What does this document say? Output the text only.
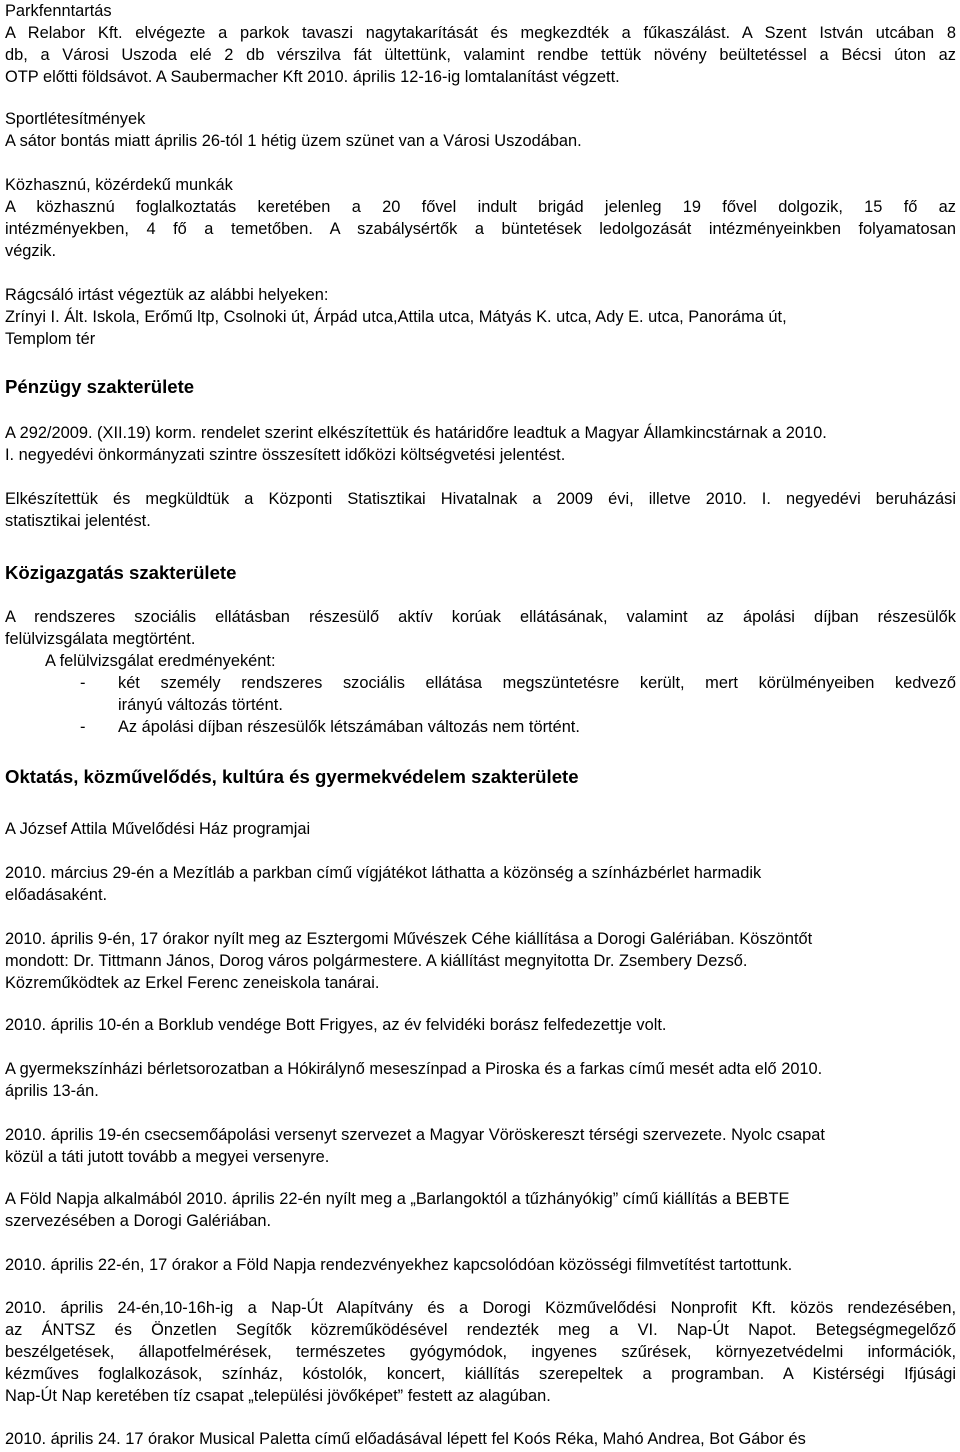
Parkfenntartás
A Relabor Kft. elvégezte a parkok tavaszi nagytakarítását és megkezdték a fűkaszálást. A Szent István utcában 8
db, a Városi Uszoda elé 2 db vérszilva fát ültettünk, valamint rendbe tettük növény beültetéssel a Bécsi úton az
OTP előtti földsávot. A Saubermacher Kft 2010. április 12-16-ig lomtalanítást végzett.
Sportlétesítmények
A sátor bontás miatt április 26-tól 1 hétig üzem szünet van a Városi Uszodában.
Közhasznú, közérdekű munkák
A közhasznú foglalkoztatás keretében a 20 fővel indult brigád jelenleg 19 fővel dolgozik, 15 fő az
intézményekben, 4 fő a temetőben. A szabálysértők a büntetések ledolgozását intézményeinkben folyamatosan
végzik.
Rágcsáló irtást végeztük az alábbi helyeken:
Zrínyi I. Ált. Iskola, Erőmű ltp, Csolnoki út, Árpád utca,Attila utca, Mátyás K. utca, Ady E. utca, Panoráma út,
Templom tér
Pénzügy szakterülete
A 292/2009. (XII.19) korm. rendelet szerint elkészítettük és határidőre leadtuk a Magyar Államkincstárnak a 2010.
I. negyedévi önkormányzati szintre összesített időközi költségvetési jelentést.
Elkészítettük és megküldtük a Központi Statisztikai Hivatalnak a 2009 évi, illetve 2010. I. negyedévi beruházási
statisztikai jelentést.
Közigazgatás szakterülete
A rendszeres szociális ellátásban részesülő aktív korúak ellátásának, valamint az ápolási díjban részesülők
felülvizsgálata megtörtént.
A felülvizsgálat eredményeként:
- két személy rendszeres szociális ellátása megszüntetésre került, mert körülményeiben kedvező
irányú változás történt.
- Az ápolási díjban részesülők létszámában változás nem történt.
Oktatás, közművelődés, kultúra és gyermekvédelem szakterülete
A József Attila Művelődési Ház programjai
2010. március 29-én a Mezítláb a parkban című vígjátékot láthatta a közönség a színházbérlet harmadik
előadásaként.
2010. április 9-én, 17 órakor nyílt meg az Esztergomi Művészek Céhe kiállítása a Dorogi Galériában. Köszöntőt
mondott: Dr. Tittmann János, Dorog város polgármestere. A kiállítást megnyitotta Dr. Zsembery Dezső.
Közreműködtek az Erkel Ferenc zeneiskola tanárai.
2010. április 10-én a Borklub vendége Bott Frigyes, az év felvidéki borász felfedezettje volt.
A gyermekszínházi bérletsorozatban a Hókirálynő meseszínpad a Piroska és a farkas című mesét adta elő 2010.
április 13-án.
2010. április 19-én csecsemőápolási versenyt szervezet a Magyar Vöröskereszt térségi szervezete. Nyolc csapat
közül a táti jutott tovább a megyei versenyre.
A Föld Napja alkalmából 2010. április 22-én nyílt meg a „Barlangoktól a tűzhányókig” című kiállítás a BEBTE
szervezésében a Dorogi Galériában.
2010. április 22-én, 17 órakor a Föld Napja rendezvényekhez kapcsolódóan közösségi filmvetítést tartottunk.
2010. április 24-én,10-16h-ig a Nap-Út Alapítvány és a Dorogi Közművelődési Nonprofit Kft. közös rendezésében,
az ÁNTSZ és Önzetlen Segítők közreműködésével rendezték meg a VI. Nap-Út Napot. Betegségmegelőző
beszélgetések, állapotfelmérések, természetes gyógymódok, ingyenes szűrések, környezetvédelmi információk,
kézműves foglalkozások, színház, kóstolók, koncert, kiállítás szerepeltek a programban. A Kistérségi Ifjúsági
Nap-Út Nap keretében tíz csapat „települési jövőképet” festett az alagúban.
2010. április 24. 17 órakor Musical Paletta című előadásával lépett fel Koós Réka, Mahó Andrea, Bot Gábor és
